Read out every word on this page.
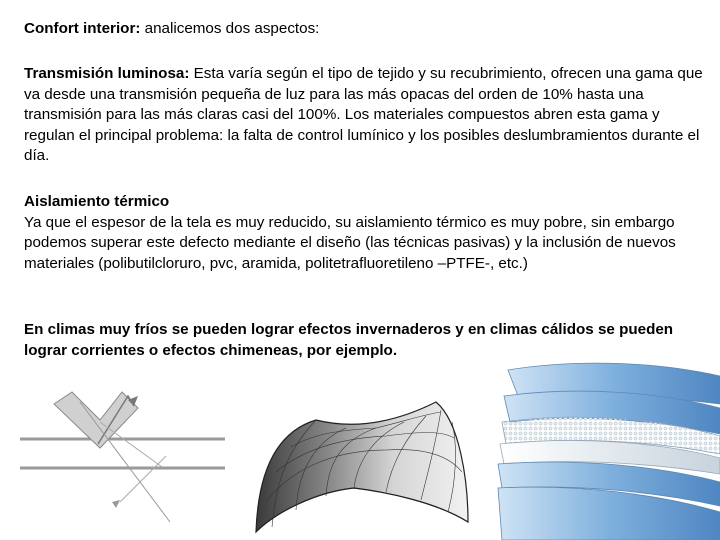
Confort interior: analicemos dos aspectos:

Transmisión luminosa: Esta varía según el tipo de tejido y su recubrimiento, ofrecen una gama que va desde una transmisión pequeña de luz para las más opacas del orden de 10% hasta una transmisión para las más claras casi del 100%. Los materiales compuestos abren esta gama y regulan el principal problema: la falta de control lumínico y los posibles deslumbramientos durante el día.

Aislamiento térmico
Ya que el espesor de la tela es muy reducido, su aislamiento térmico es muy pobre, sin embargo podemos superar este defecto mediante el diseño (las técnicas pasivas) y la inclusión de nuevos materiales (polibutilcloruro, pvc, aramida, politetrafluoretileno –PTFE-, etc.)

En climas muy fríos se pueden lograr efectos invernaderos y en climas cálidos se pueden lograr corrientes o efectos chimeneas, por ejemplo.
